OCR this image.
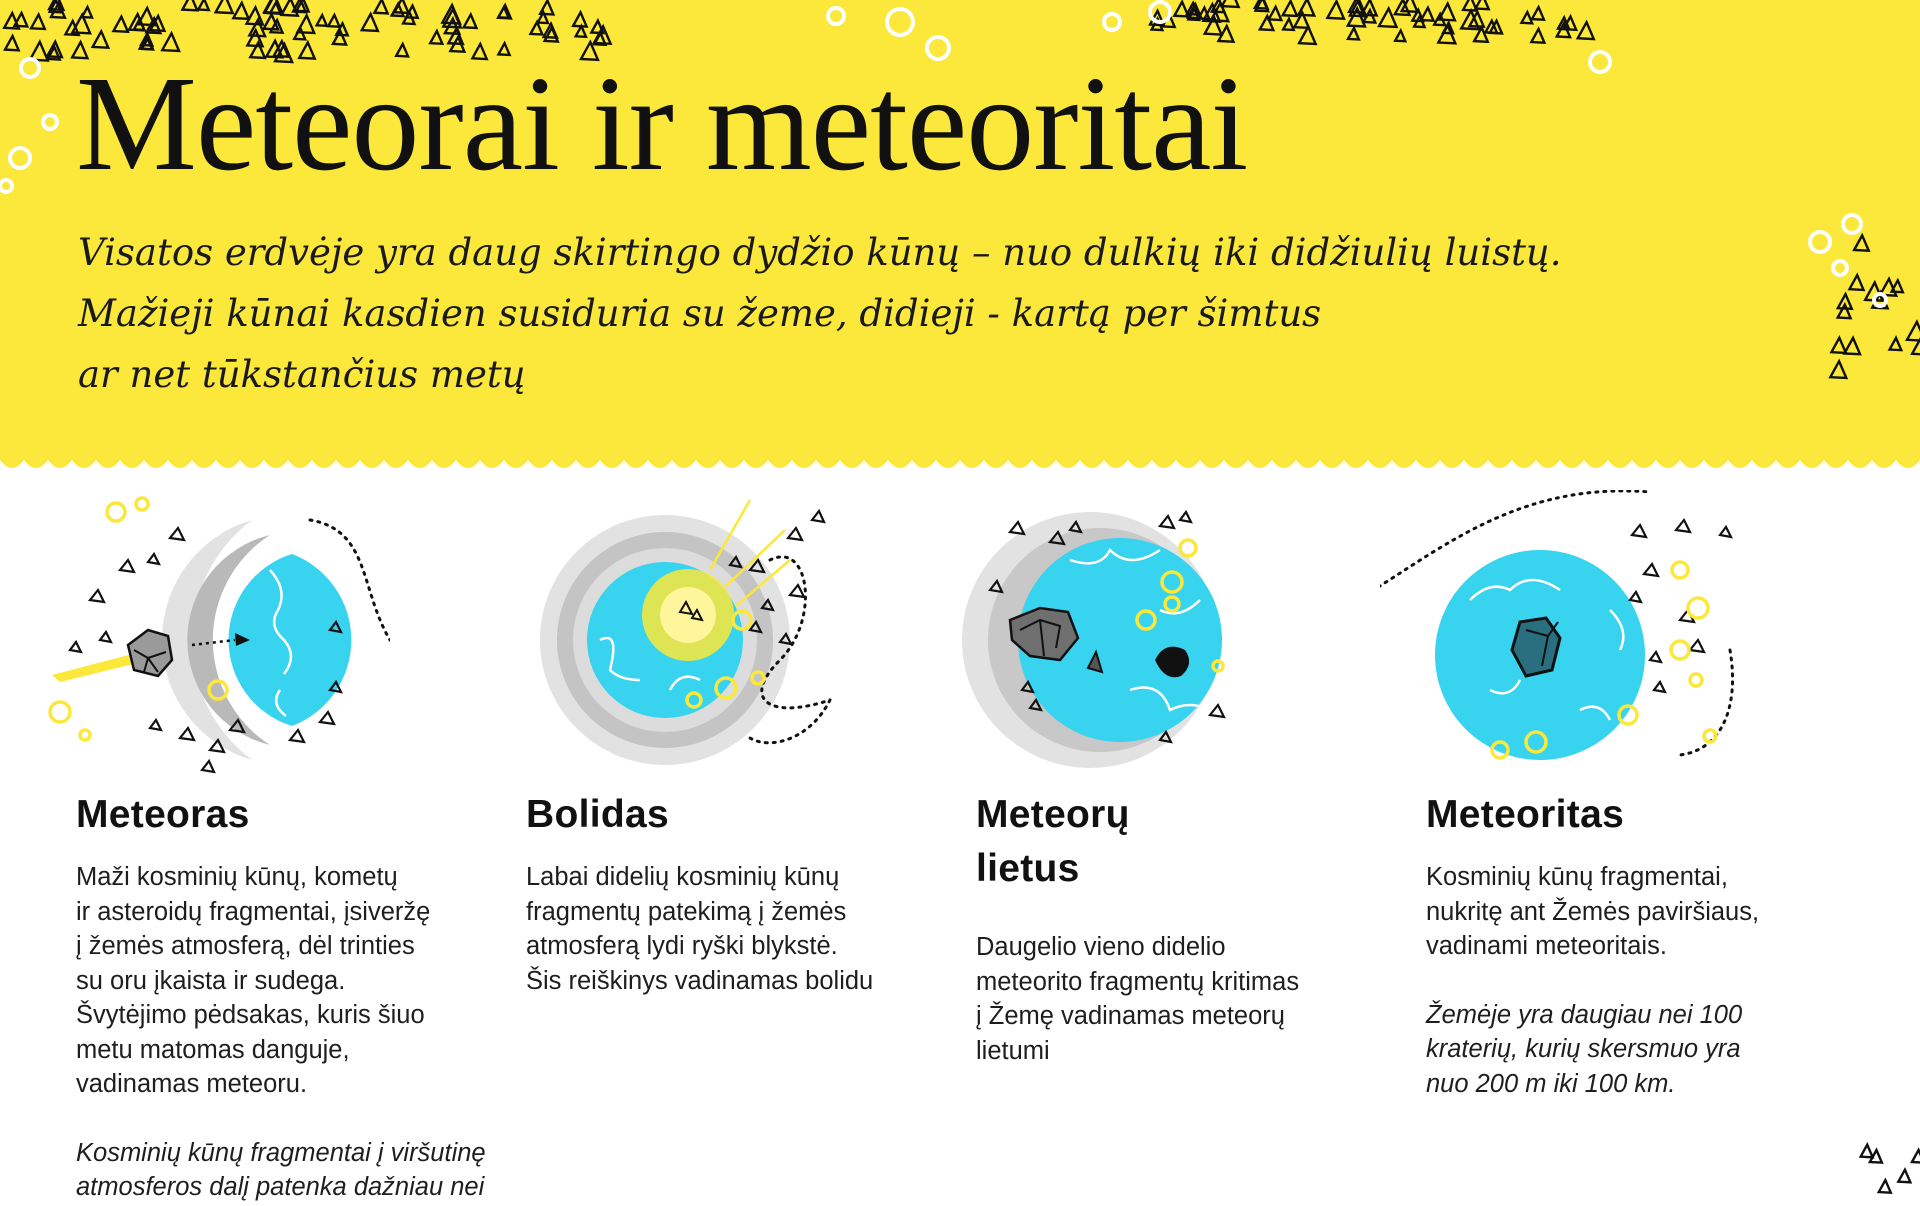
Meteorai ir meteoritai
Visatos erdvėje yra daug skirtingo dydžio kūnų – nuo dulkių iki didžiulių luistų.
Mažieji kūnai kasdien susiduria su žeme, didieji - kartą per šimtus
ar net tūkstančius metų
Meteoras
Maži kosminių kūnų, kometų
ir asteroidų fragmentai, įsiveržę
į žemės atmosferą, dėl trinties
su oru įkaista ir sudega.
Švytėjimo pėdsakas, kuris šiuo
metu matomas danguje,
vadinamas meteoru.
Kosminių kūnų fragmentai į viršutinę
atmosferos dalį patenka dažniau nei
Bolidas
Labai didelių kosminių kūnų
fragmentų patekimą į žemės
atmosferą lydi ryški blykstė.
Šis reiškinys vadinamas bolidu
Meteorų
lietus
Daugelio vieno didelio
meteorito fragmentų kritimas
į Žemę vadinamas meteorų
lietumi
Meteoritas
Kosminių kūnų fragmentai,
nukritę ant Žemės paviršiaus,
vadinami meteoritais.
Žemėje yra daugiau nei 100
kraterių, kurių skersmuo yra
nuo 200 m iki 100 km.
